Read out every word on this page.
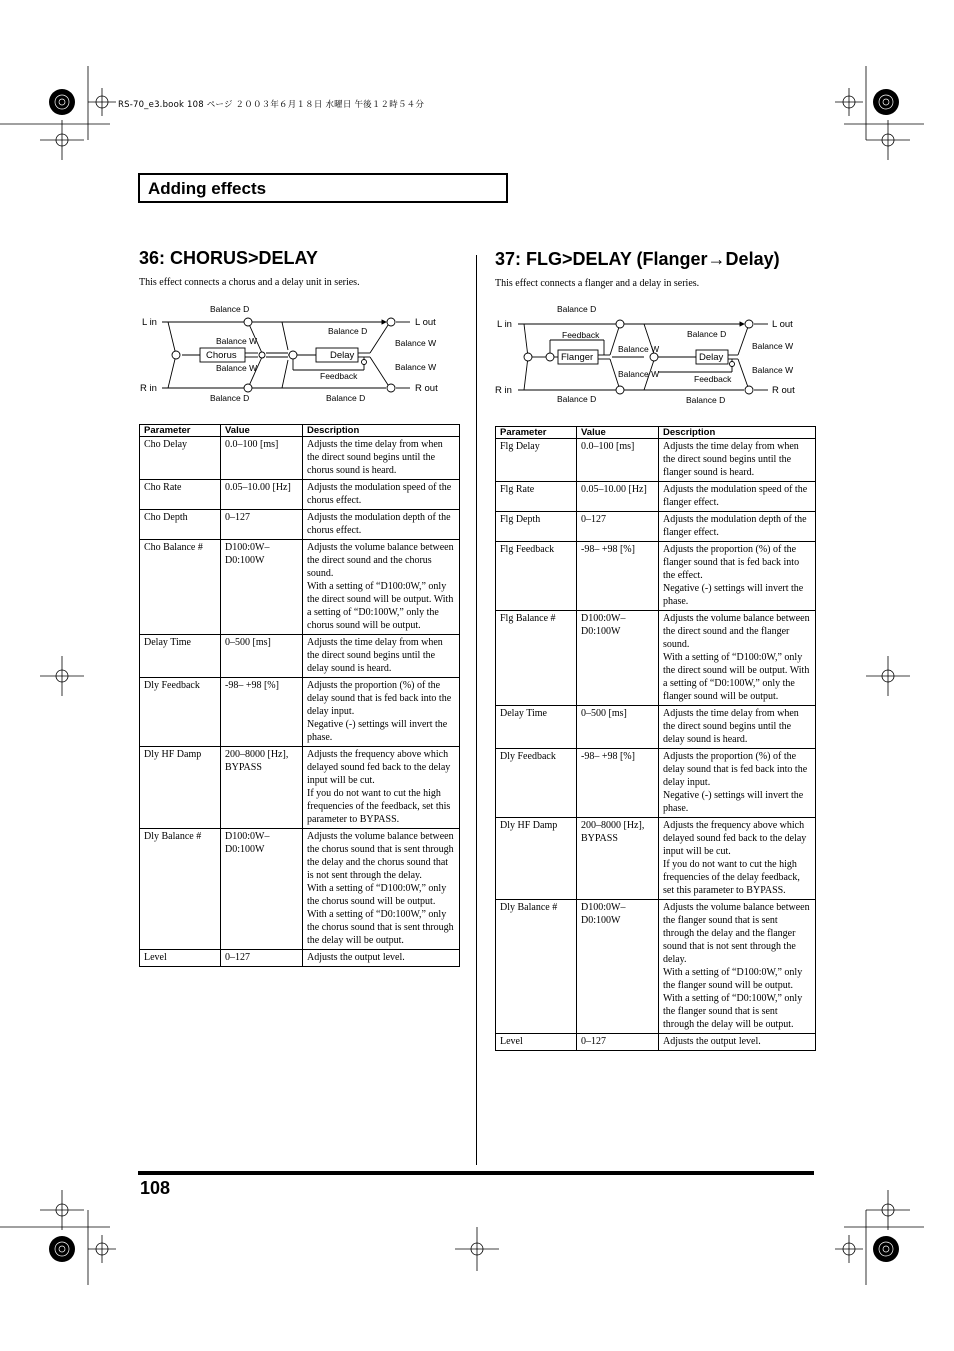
RS-70_e3.book 108 ページ ２００３年６月１８日 水曜日 午後１２時５４分
Adding effects
36: CHORUS>DELAY
This effect connects a chorus and a delay unit in series.
37: FLG>DELAY (Flanger→Delay)
This effect connects a flanger and a delay in series.
L in
R in
L out
R out
Chorus	Delay
Balance D
Balance W
Balance W
Balance D
Balance D
Balance W
Balance W
Feedback
Balance D
L in
R in
L out
R out
Flanger	Delay
Balance D
Feedback
Balance W
Balance W
Balance D
Balance D
Balance W
Balance W
Feedback
Balance D
Parameter	Value	Description
Cho Delay	0.0–100 [ms]	Adjusts the time delay from when the direct sound begins until the chorus sound is heard.
Cho Rate	0.05–10.00 [Hz]	Adjusts the modulation speed of the chorus effect.
Cho Depth	0–127	Adjusts the modulation depth of the chorus effect.
Cho Balance #	D100:0W–D0:100W	Adjusts the volume balance between the direct sound and the chorus sound.
With a setting of “D100:0W,” only the direct sound will be output. With a setting of “D0:100W,” only the chorus sound will be output.
Delay Time	0–500 [ms]	Adjusts the time delay from when the direct sound begins until the delay sound is heard.
Dly Feedback	-98– +98 [%]	Adjusts the proportion (%) of the delay sound that is fed back into the delay input.
Negative (-) settings will invert the phase.
Dly HF Damp	200–8000 [Hz], BYPASS	Adjusts the frequency above which delayed sound fed back to the delay input will be cut.
If you do not want to cut the high frequencies of the feedback, set this parameter to BYPASS.
Dly Balance #	D100:0W–D0:100W	Adjusts the volume balance between the chorus sound that is sent through the delay and the chorus sound that is not sent through the delay.
With a setting of “D100:0W,” only the chorus sound will be output. With a setting of “D0:100W,” only the chorus sound that is sent through the delay will be output.
Level	0–127	Adjusts the output level.
Parameter	Value	Description
Flg Delay	0.0–100 [ms]	Adjusts the time delay from when the direct sound begins until the flanger sound is heard.
Flg Rate	0.05–10.00 [Hz]	Adjusts the modulation speed of the flanger effect.
Flg Depth	0–127	Adjusts the modulation depth of the flanger effect.
Flg Feedback	-98– +98 [%]	Adjusts the proportion (%) of the flanger sound that is fed back into the effect.
Negative (-) settings will invert the phase.
Flg Balance #	D100:0W–D0:100W	Adjusts the volume balance between the direct sound and the flanger sound.
With a setting of “D100:0W,” only the direct sound will be output. With a setting of “D0:100W,” only the flanger sound will be output.
Delay Time	0–500 [ms]	Adjusts the time delay from when the direct sound begins until the delay sound is heard.
Dly Feedback	-98– +98 [%]	Adjusts the proportion (%) of the delay sound that is fed back into the delay input.
Negative (-) settings will invert the phase.
Dly HF Damp	200–8000 [Hz], BYPASS	Adjusts the frequency above which delayed sound fed back to the delay input will be cut.
If you do not want to cut the high frequencies of the delay feedback, set this parameter to BYPASS.
Dly Balance #	D100:0W–D0:100W	Adjusts the volume balance between the flanger sound that is sent through the delay and the flanger sound that is not sent through the delay.
With a setting of “D100:0W,” only the flanger sound will be output. With a setting of “D0:100W,” only the flanger sound that is sent through the delay will be output.
Level	0–127	Adjusts the output level.
108
